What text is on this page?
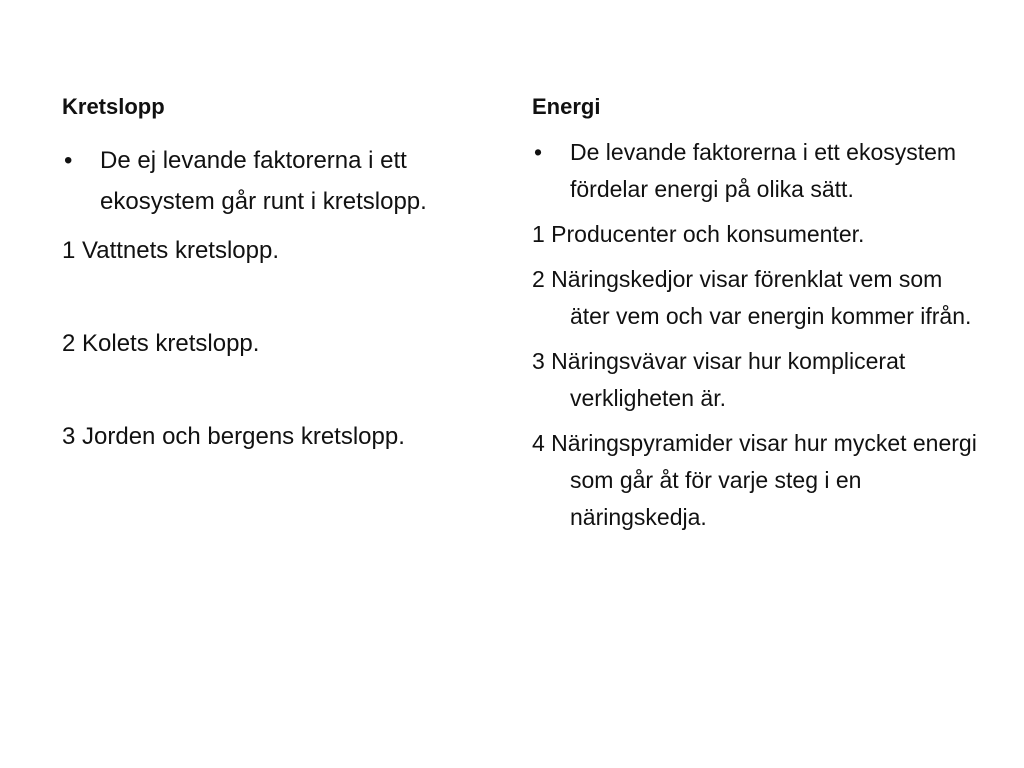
Kretslopp
• De ej levande faktorerna i ett ekosystem går runt i kretslopp.
1 Vattnets kretslopp.
2 Kolets kretslopp.
3 Jorden och bergens kretslopp.
Energi
• De levande faktorerna i ett ekosystem fördelar energi på olika sätt.
1 Producenter och konsumenter.
2 Näringskedjor visar förenklat vem som äter vem och var energin kommer ifrån.
3 Näringsvävar visar hur komplicerat verkligheten är.
4 Näringspyramider visar hur mycket energi som går åt för varje steg i en näringskedja.
